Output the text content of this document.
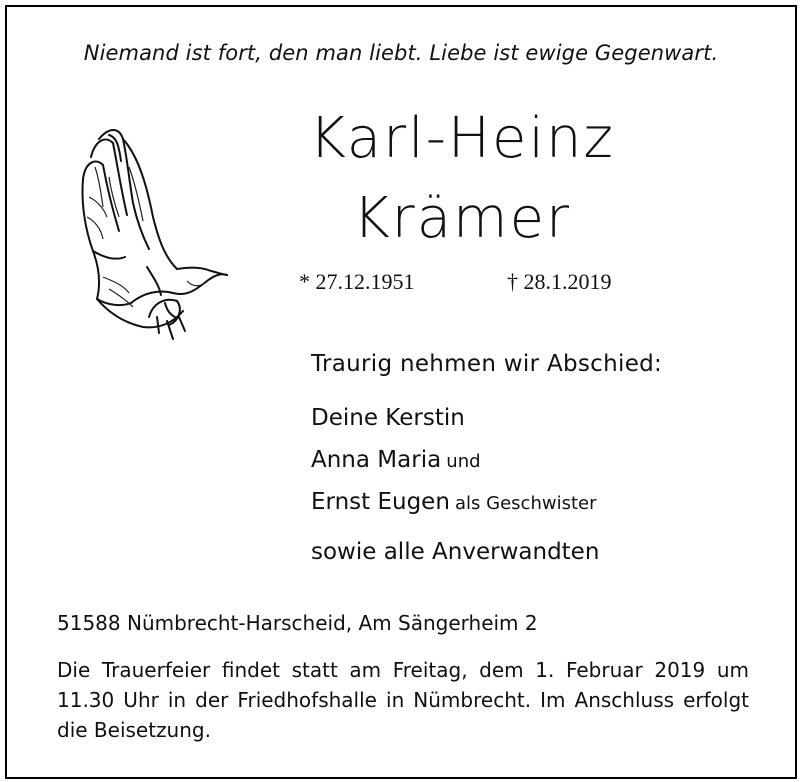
Niemand ist fort, den man liebt. Liebe ist ewige Gegenwart.
Karl-Heinz
Krämer
* 27.12.1951	† 28.1.2019
Traurig nehmen wir Abschied:
Deine Kerstin
Anna Maria und
Ernst Eugen als Geschwister
sowie alle Anverwandten
51588 Nümbrecht-Harscheid, Am Sängerheim 2
Die Trauerfeier findet statt am Freitag, dem 1. Februar 2019 um 11.30 Uhr in der Friedhofshalle in Nümbrecht. Im Anschluss erfolgt die Beisetzung.
